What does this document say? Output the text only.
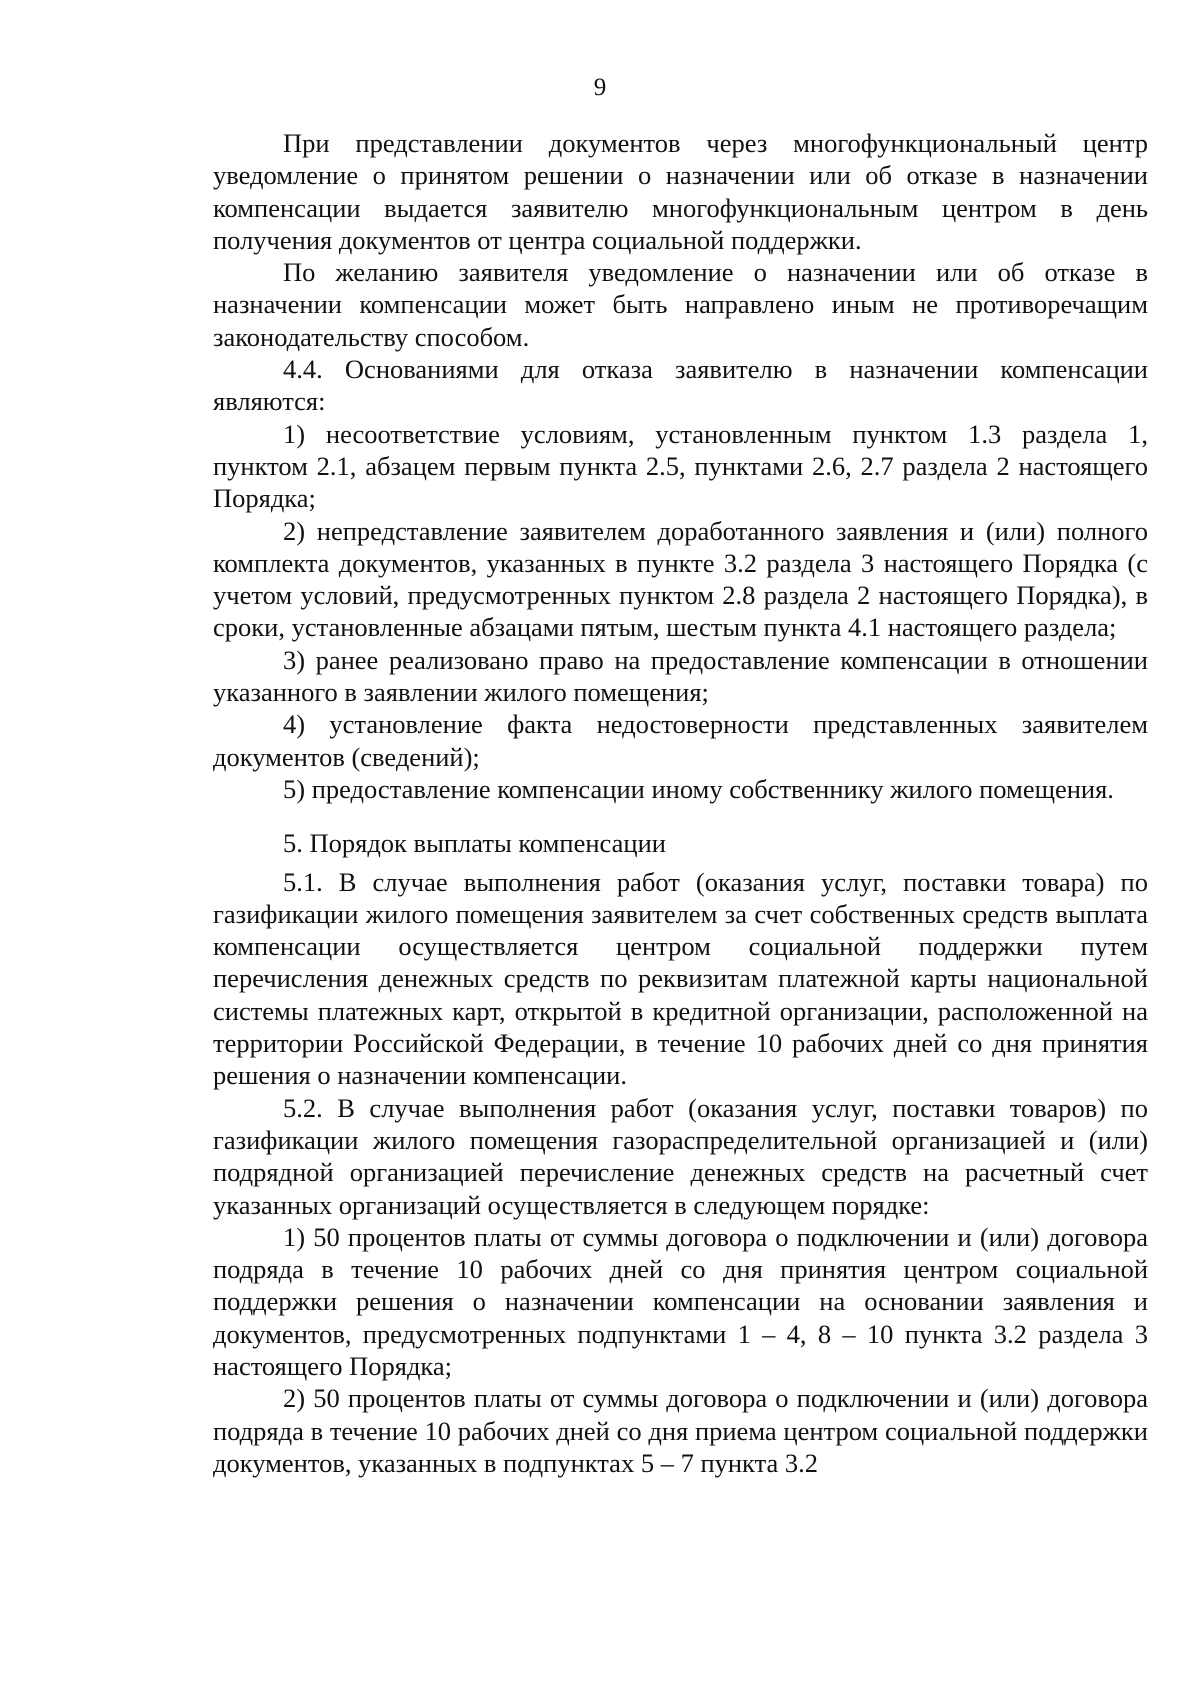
9

При представлении документов через многофункциональный центр уведомление о принятом решении о назначении или об отказе в назначении компенсации выдается заявителю многофункциональным центром в день получения документов от центра социальной поддержки.

По желанию заявителя уведомление о назначении или об отказе в назначении компенсации может быть направлено иным не противоречащим законодательству способом.

4.4. Основаниями для отказа заявителю в назначении компенсации являются:

1) несоответствие условиям, установленным пунктом 1.3 раздела 1, пунктом 2.1, абзацем первым пункта 2.5, пунктами 2.6, 2.7 раздела 2 настоящего Порядка;

2) непредставление заявителем доработанного заявления и (или) полного комплекта документов, указанных в пункте 3.2 раздела 3 настоящего Порядка (с учетом условий, предусмотренных пунктом 2.8 раздела 2 настоящего Порядка), в сроки, установленные абзацами пятым, шестым пункта 4.1 настоящего раздела;

3) ранее реализовано право на предоставление компенсации в отношении указанного в заявлении жилого помещения;

4) установление факта недостоверности представленных заявителем документов (сведений);

5) предоставление компенсации иному собственнику жилого помещения.

5. Порядок выплаты компенсации

5.1. В случае выполнения работ (оказания услуг, поставки товара) по газификации жилого помещения заявителем за счет собственных средств выплата компенсации осуществляется центром социальной поддержки путем перечисления денежных средств по реквизитам платежной карты национальной системы платежных карт, открытой в кредитной организации, расположенной на территории Российской Федерации, в течение 10 рабочих дней со дня принятия решения о назначении компенсации.

5.2. В случае выполнения работ (оказания услуг, поставки товаров) по газификации жилого помещения газораспределительной организацией и (или) подрядной организацией перечисление денежных средств на расчетный счет указанных организаций осуществляется в следующем порядке:

1) 50 процентов платы от суммы договора о подключении и (или) договора подряда в течение 10 рабочих дней со дня принятия центром социальной поддержки решения о назначении компенсации на основании заявления и документов, предусмотренных подпунктами 1 – 4, 8 – 10 пункта 3.2 раздела 3 настоящего Порядка;

2) 50 процентов платы от суммы договора о подключении и (или) договора подряда в течение 10 рабочих дней со дня приема центром социальной поддержки документов, указанных в подпунктах 5 – 7 пункта 3.2
